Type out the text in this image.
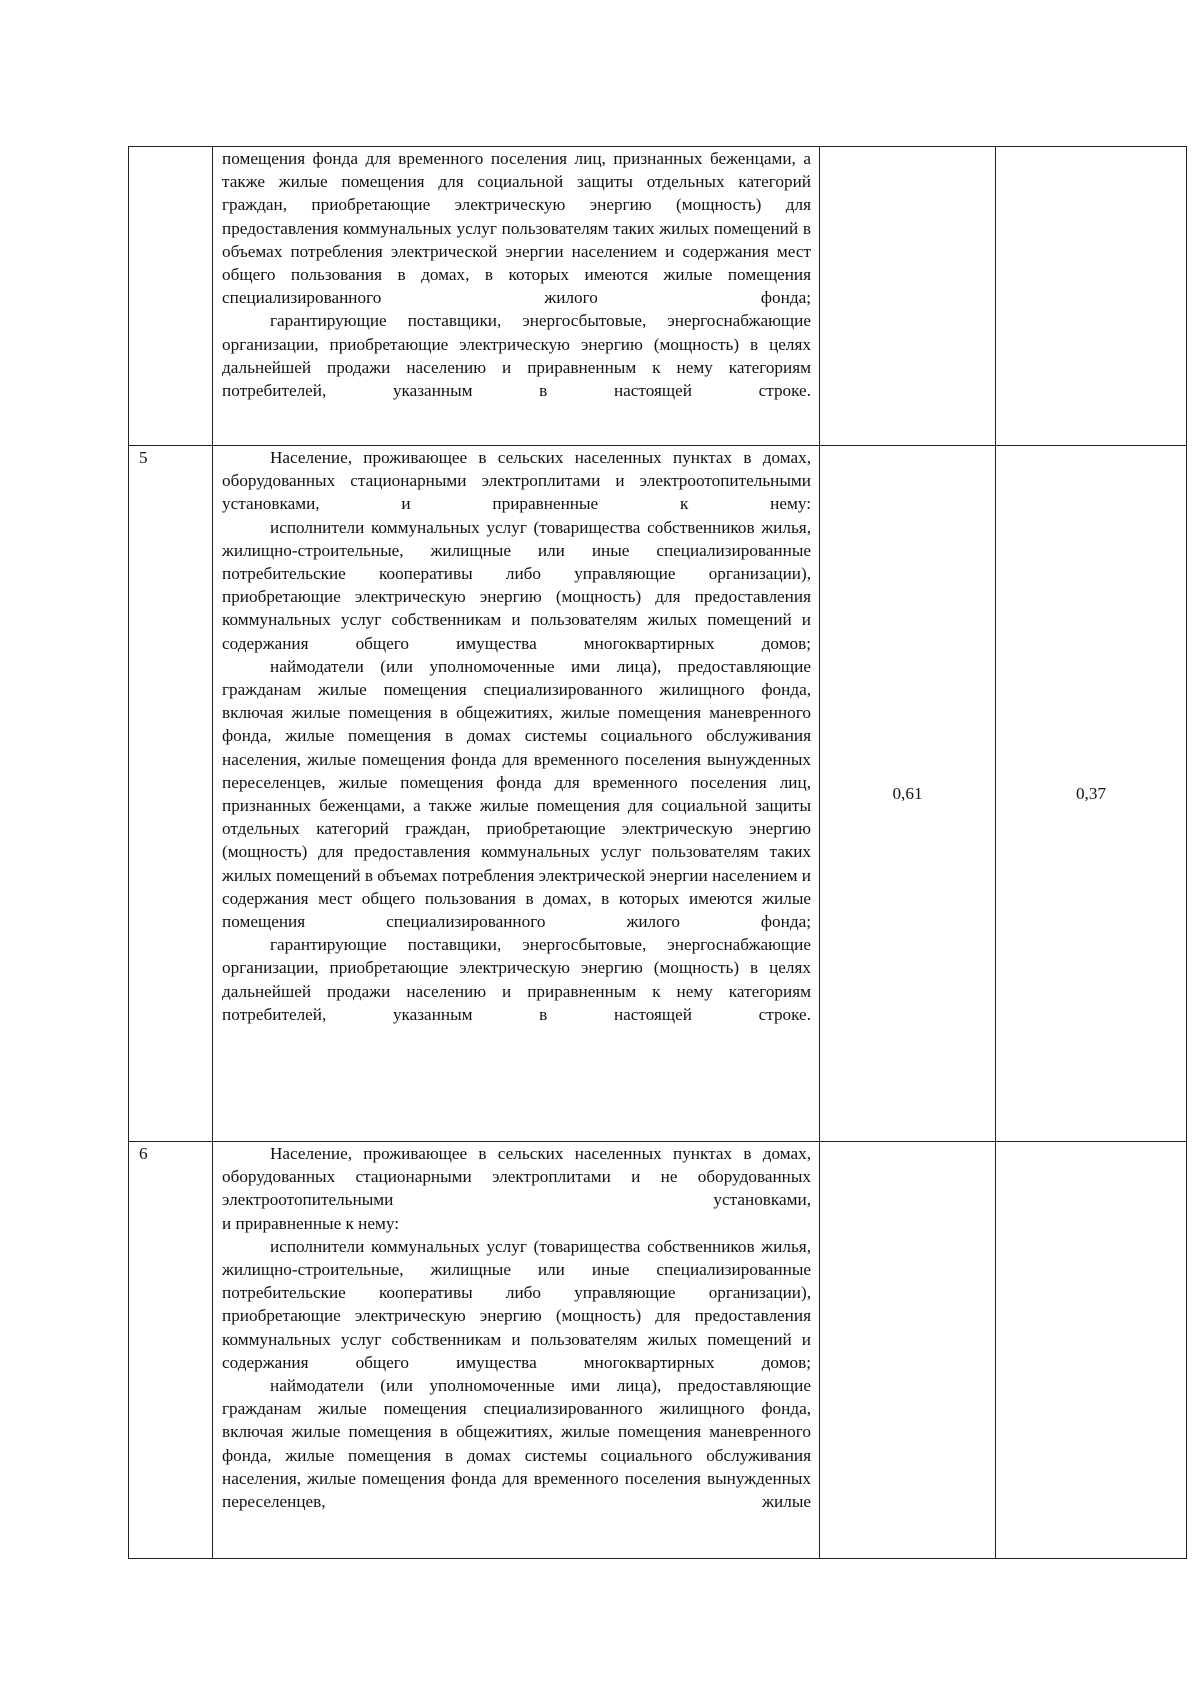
	помещения фонда для временного поселения лиц, признанных беженцами, а также жилые помещения для социальной защиты отдельных категорий граждан, приобретающие электрическую энергию (мощность) для предоставления коммунальных услуг пользователям таких жилых помещений в объемах потребления электрической энергии населением и содержания мест общего пользования в домах, в которых имеются жилые помещения специализированного жилого фонда;

гарантирующие поставщики, энергосбытовые, энергоснабжающие организации, приобретающие электрическую энергию (мощность) в целях дальнейшей продажи населению и приравненным к нему категориям потребителей, указанным в настоящей строке.		

5	Население, проживающее в сельских населенных пунктах в домах, оборудованных стационарными электроплитами и электроотопительными установками, и приравненные к нему:

исполнители коммунальных услуг (товарищества собственников жилья, жилищно-строительные, жилищные или иные специализированные потребительские кооперативы либо управляющие организации), приобретающие электрическую энергию (мощность) для предоставления коммунальных услуг собственникам и пользователям жилых помещений и содержания общего имущества многоквартирных домов;

наймодатели (или уполномоченные ими лица), предоставляющие гражданам жилые помещения специализированного жилищного фонда, включая жилые помещения в общежитиях, жилые помещения маневренного фонда, жилые помещения в домах системы социального обслуживания населения, жилые помещения фонда для временного поселения вынужденных переселенцев, жилые помещения фонда для временного поселения лиц, признанных беженцами, а также жилые помещения для социальной защиты отдельных категорий граждан, приобретающие электрическую энергию (мощность) для предоставления коммунальных услуг пользователям таких жилых помещений в объемах потребления электрической энергии населением и содержания мест общего пользования в домах, в которых имеются жилые помещения специализированного жилого фонда;

гарантирующие поставщики, энергосбытовые, энергоснабжающие организации, приобретающие электрическую энергию (мощность) в целях дальнейшей продажи населению и приравненным к нему категориям потребителей, указанным в настоящей строке.	0,61	0,37
6	Население, проживающее в сельских населенных пунктах в домах, оборудованных стационарными электроплитами и не оборудованных электроотопительными установками,

и приравненные к нему:

исполнители коммунальных услуг (товарищества собственников жилья, жилищно-строительные, жилищные или иные специализированные потребительские кооперативы либо управляющие организации), приобретающие электрическую энергию (мощность) для предоставления коммунальных услуг собственникам и пользователям жилых помещений и содержания общего имущества многоквартирных домов;

наймодатели (или уполномоченные ими лица), предоставляющие гражданам жилые помещения специализированного жилищного фонда, включая жилые помещения в общежитиях, жилые помещения маневренного фонда, жилые помещения в домах системы социального обслуживания населения, жилые помещения фонда для временного поселения вынужденных переселенцев, жилые		
